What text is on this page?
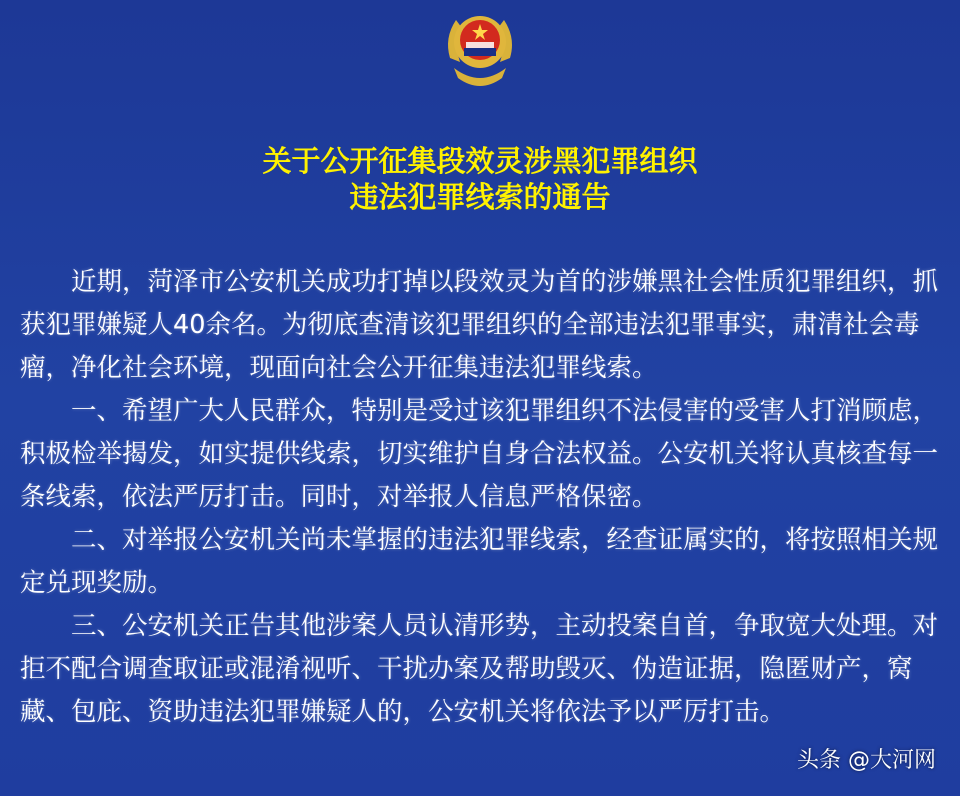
关于公开征集段效灵涉黑犯罪组织
违法犯罪线索的通告
近期，菏泽市公安机关成功打掉以段效灵为首的涉嫌黑社会性质犯罪组织，抓
获犯罪嫌疑人40余名。为彻底查清该犯罪组织的全部违法犯罪事实，肃清社会毒
瘤，净化社会环境，现面向社会公开征集违法犯罪线索。
一、希望广大人民群众，特别是受过该犯罪组织不法侵害的受害人打消顾虑，
积极检举揭发，如实提供线索，切实维护自身合法权益。公安机关将认真核查每一
条线索，依法严厉打击。同时，对举报人信息严格保密。
二、对举报公安机关尚未掌握的违法犯罪线索，经查证属实的，将按照相关规
定兑现奖励。
三、公安机关正告其他涉案人员认清形势，主动投案自首，争取宽大处理。对
拒不配合调查取证或混淆视听、干扰办案及帮助毁灭、伪造证据，隐匿财产，窝
藏、包庇、资助违法犯罪嫌疑人的，公安机关将依法予以严厉打击。
头条 @大河网
